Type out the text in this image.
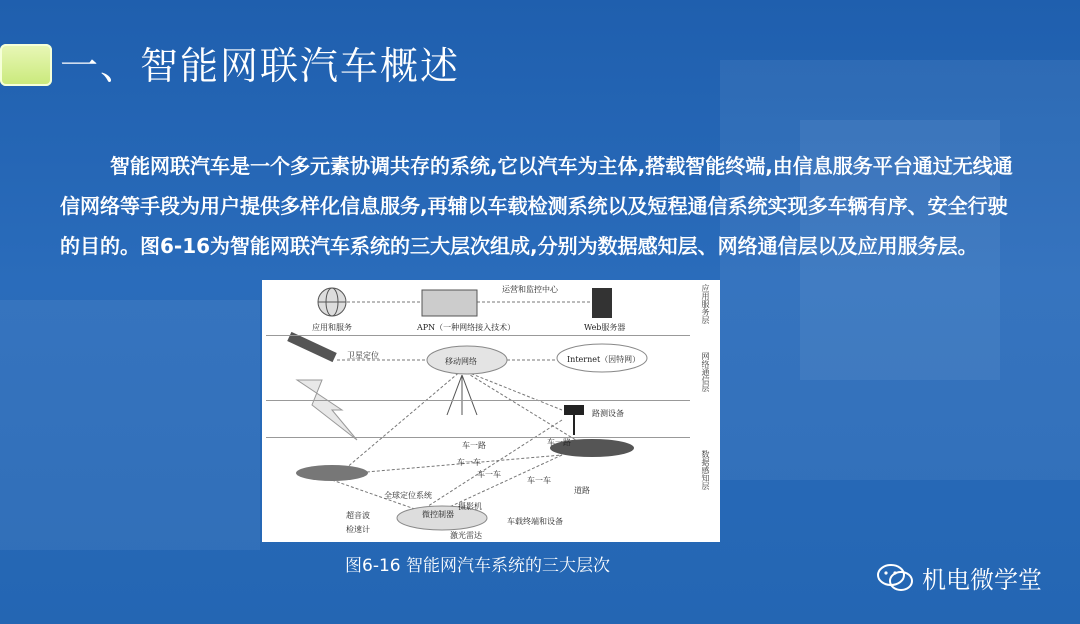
一、智能网联汽车概述
智能网联汽车是一个多元素协调共存的系统,它以汽车为主体,搭载智能终端,由信息服务平台通过无线通信网络等手段为用户提供多样化信息服务,再辅以车载检测系统以及短程通信系统实现多车辆有序、安全行驶的目的。图6-16为智能网联汽车系统的三大层次组成,分别为数据感知层、网络通信层以及应用服务层。
运营和监控中心
应用和服务	APN（一种网络接入技术）	Web服务器
应用服务层
卫星定位
移动网络	Internet（因特网）	网络通信层
路测设备
车一路	车一路
车一车
车一车
车一车
道路
全球定位系统
摄影机
超音波	微控制器
车载终端和设备
检速计
激光雷达
数据感知层
图6-16 智能网汽车系统的三大层次	机电微学堂
